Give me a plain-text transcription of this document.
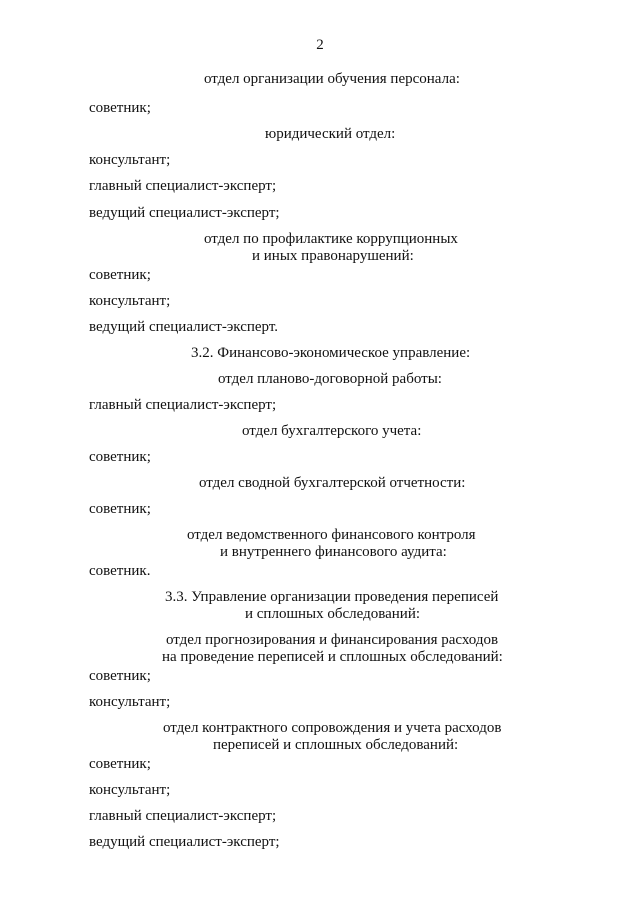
2

отдел организации обучения персонала:

советник;

юридический отдел:

консультант;

главный специалист-эксперт;

ведущий специалист-эксперт;

отдел по профилактике коррупционных

и иных правонарушений:

советник;

консультант;

ведущий специалист-эксперт.

3.2. Финансово-экономическое управление:

отдел планово-договорной работы:

главный специалист-эксперт;

отдел бухгалтерского учета:

советник;

отдел сводной бухгалтерской отчетности:

советник;

отдел ведомственного финансового контроля

и внутреннего финансового аудита:

советник.

3.3. Управление организации проведения переписей

и сплошных обследований:

отдел прогнозирования и финансирования расходов

на проведение переписей и сплошных обследований:

советник;

консультант;

отдел контрактного сопровождения и учета расходов

переписей и сплошных обследований:

советник;

консультант;

главный специалист-эксперт;

ведущий специалист-эксперт;
